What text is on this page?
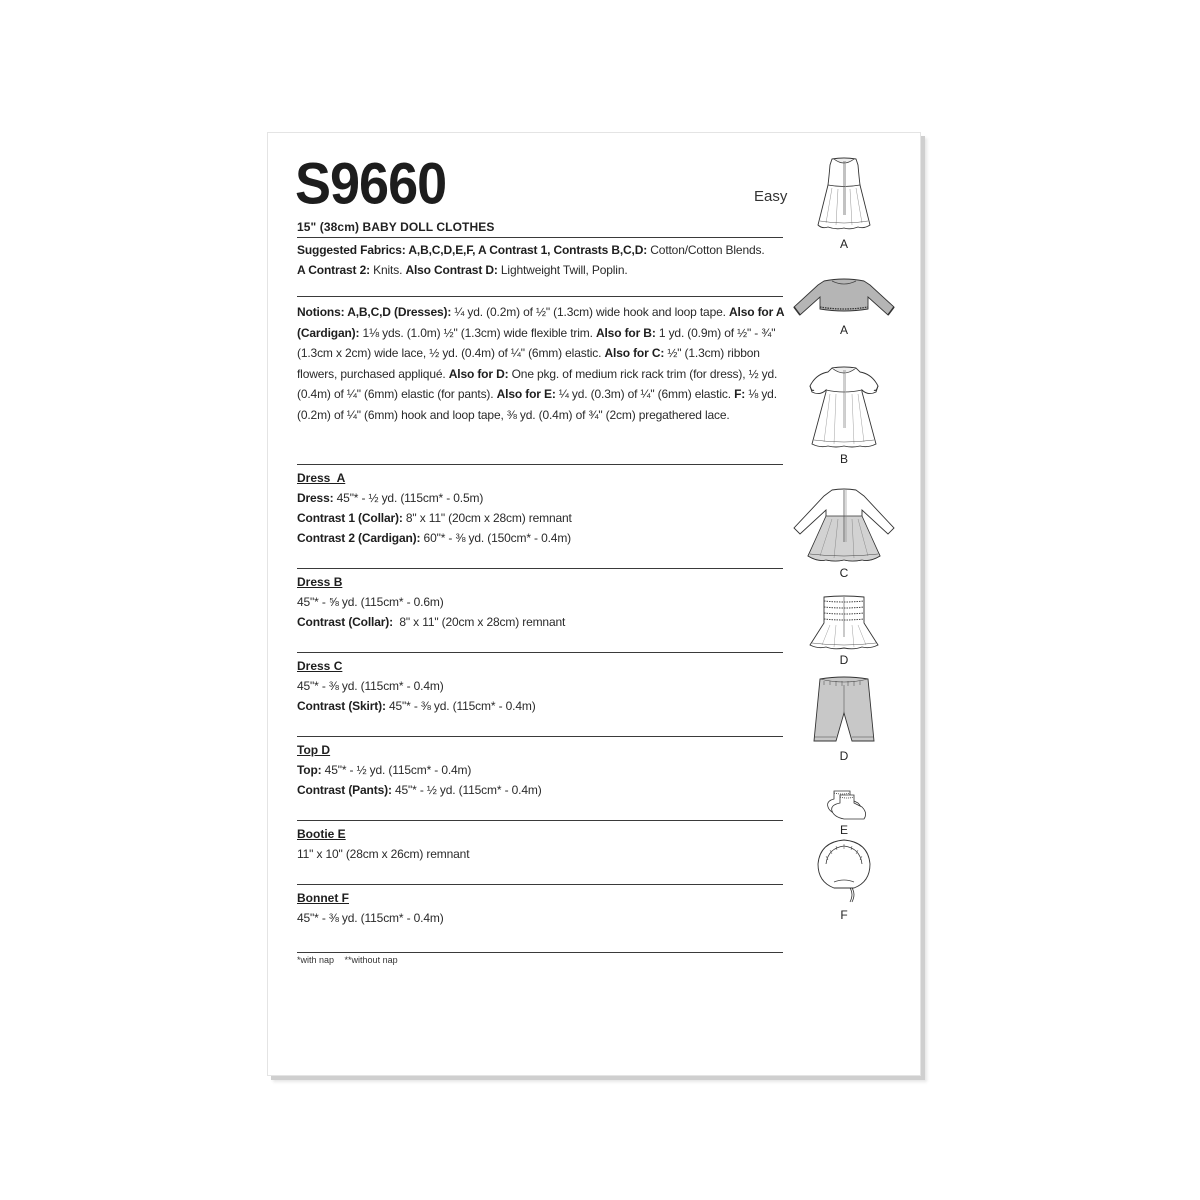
S9660	Easy
15" (38cm) BABY DOLL CLOTHES
Suggested Fabrics: A,B,C,D,E,F, A Contrast 1, Contrasts B,C,D: Cotton/Cotton Blends.
A Contrast 2: Knits. Also Contrast D: Lightweight Twill, Poplin.
Notions: A,B,C,D (Dresses): ¼ yd. (0.2m) of ½" (1.3cm) wide hook and loop tape. Also for A (Cardigan): 1⅛ yds. (1.0m) ½" (1.3cm) wide flexible trim. Also for B: 1 yd. (0.9m) of ½" - ¾" (1.3cm x 2cm) wide lace, ½ yd. (0.4m) of ¼" (6mm) elastic. Also for C: ½" (1.3cm) ribbon flowers, purchased appliqué. Also for D: One pkg. of medium rick rack trim (for dress), ½ yd. (0.4m) of ¼" (6mm) elastic (for pants). Also for E: ¼ yd. (0.3m) of ¼" (6mm) elastic. F: ⅛ yd. (0.2m) of ¼" (6mm) hook and loop tape, ⅜ yd. (0.4m) of ¾" (2cm) pregathered lace.
Dress  A
Dress: 45"* - ½ yd. (115cm* - 0.5m)
Contrast 1 (Collar): 8" x 11" (20cm x 28cm) remnant
Contrast 2 (Cardigan): 60"* - ⅜ yd. (150cm* - 0.4m)
Dress B
45"* - ⅝ yd. (115cm* - 0.6m)
Contrast (Collar):  8" x 11" (20cm x 28cm) remnant
Dress C
45"* - ⅜ yd. (115cm* - 0.4m)
Contrast (Skirt): 45"* - ⅜ yd. (115cm* - 0.4m)
Top D
Top: 45"* - ½ yd. (115cm* - 0.4m)
Contrast (Pants): 45"* - ½ yd. (115cm* - 0.4m)
Bootie E
11" x 10" (28cm x 26cm) remnant
Bonnet F
45"* - ⅜ yd. (115cm* - 0.4m)
*with nap **without nap
A
A
B
C
D
D
E
F
